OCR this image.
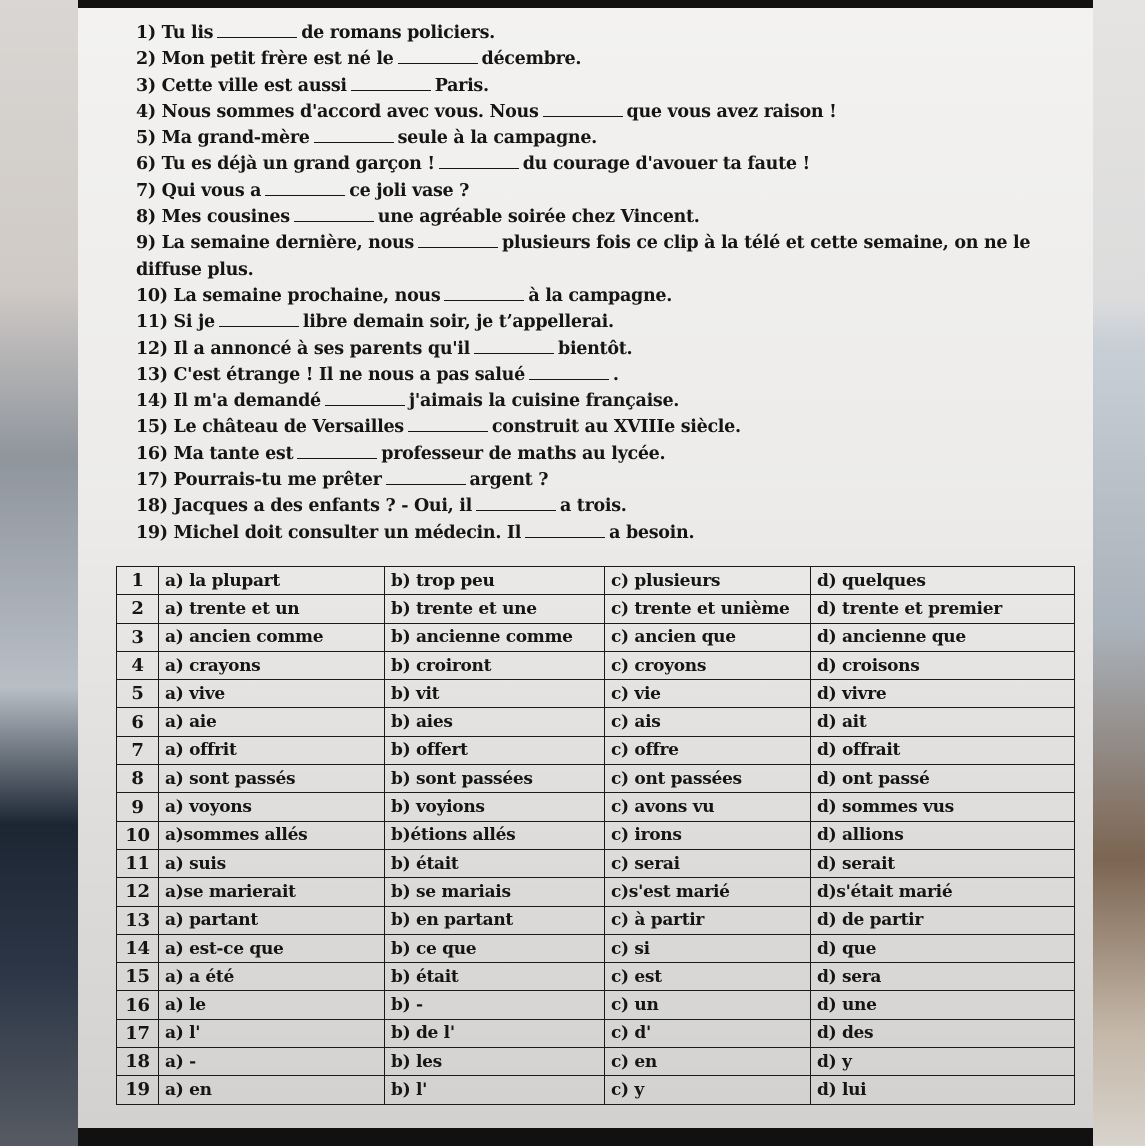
1) Tu lis	de romans policiers.
2) Mon petit frère est né le	décembre.
3) Cette ville est aussi	Paris.
4) Nous sommes d'accord avec vous. Nous	que vous avez raison !
5) Ma grand-mère	seule à la campagne.
6) Tu es déjà un grand garçon !	du courage d'avouer ta faute !
7) Qui vous a	ce joli vase ?
8) Mes cousines	une agréable soirée chez Vincent.
9) La semaine dernière, nous	plusieurs fois ce clip à la télé et cette semaine, on ne le diffuse plus.
10) La semaine prochaine, nous	à la campagne.
11) Si je	libre demain soir, je t’appellerai.
12) Il a annoncé à ses parents qu'il	bientôt.
13) C'est étrange ! Il ne nous a pas salué	.
14) Il m'a demandé	j'aimais la cuisine française.
15) Le château de Versailles	construit au XVIIIe siècle.
16) Ma tante est	professeur de maths au lycée.
17) Pourrais-tu me prêter	argent ?
18) Jacques a des enfants ? - Oui, il	a trois.
19) Michel doit consulter un médecin. Il	a besoin.
1	a) la plupart	b) trop peu	c) plusieurs	d) quelques
2	a) trente et un	b) trente et une	c) trente et unième	d) trente et premier
3	a) ancien comme	b) ancienne comme	c) ancien que	d) ancienne que
4	a) crayons	b) croiront	c) croyons	d) croisons
5	a) vive	b) vit	c) vie	d) vivre
6	a) aie	b) aies	c) ais	d) ait
7	a) offrit	b) offert	c) offre	d) offrait
8	a) sont passés	b) sont passées	c) ont passées	d) ont passé
9	a) voyons	b) voyions	c) avons vu	d) sommes vus
10	a)sommes allés	b)étions allés	c) irons	d) allions
11	a) suis	b) était	c) serai	d) serait
12	a)se marierait	b) se mariais	c)s'est marié	d)s'était marié
13	a) partant	b) en partant	c) à partir	d) de partir
14	a) est-ce que	b) ce que	c) si	d) que
15	a) a été	b) était	c) est	d) sera
16	a) le	b) -	c) un	d) une
17	a) l'	b) de l'	c) d'	d) des
18	a) -	b) les	c) en	d) y
19	a) en	b) l'	c) y	d) lui
